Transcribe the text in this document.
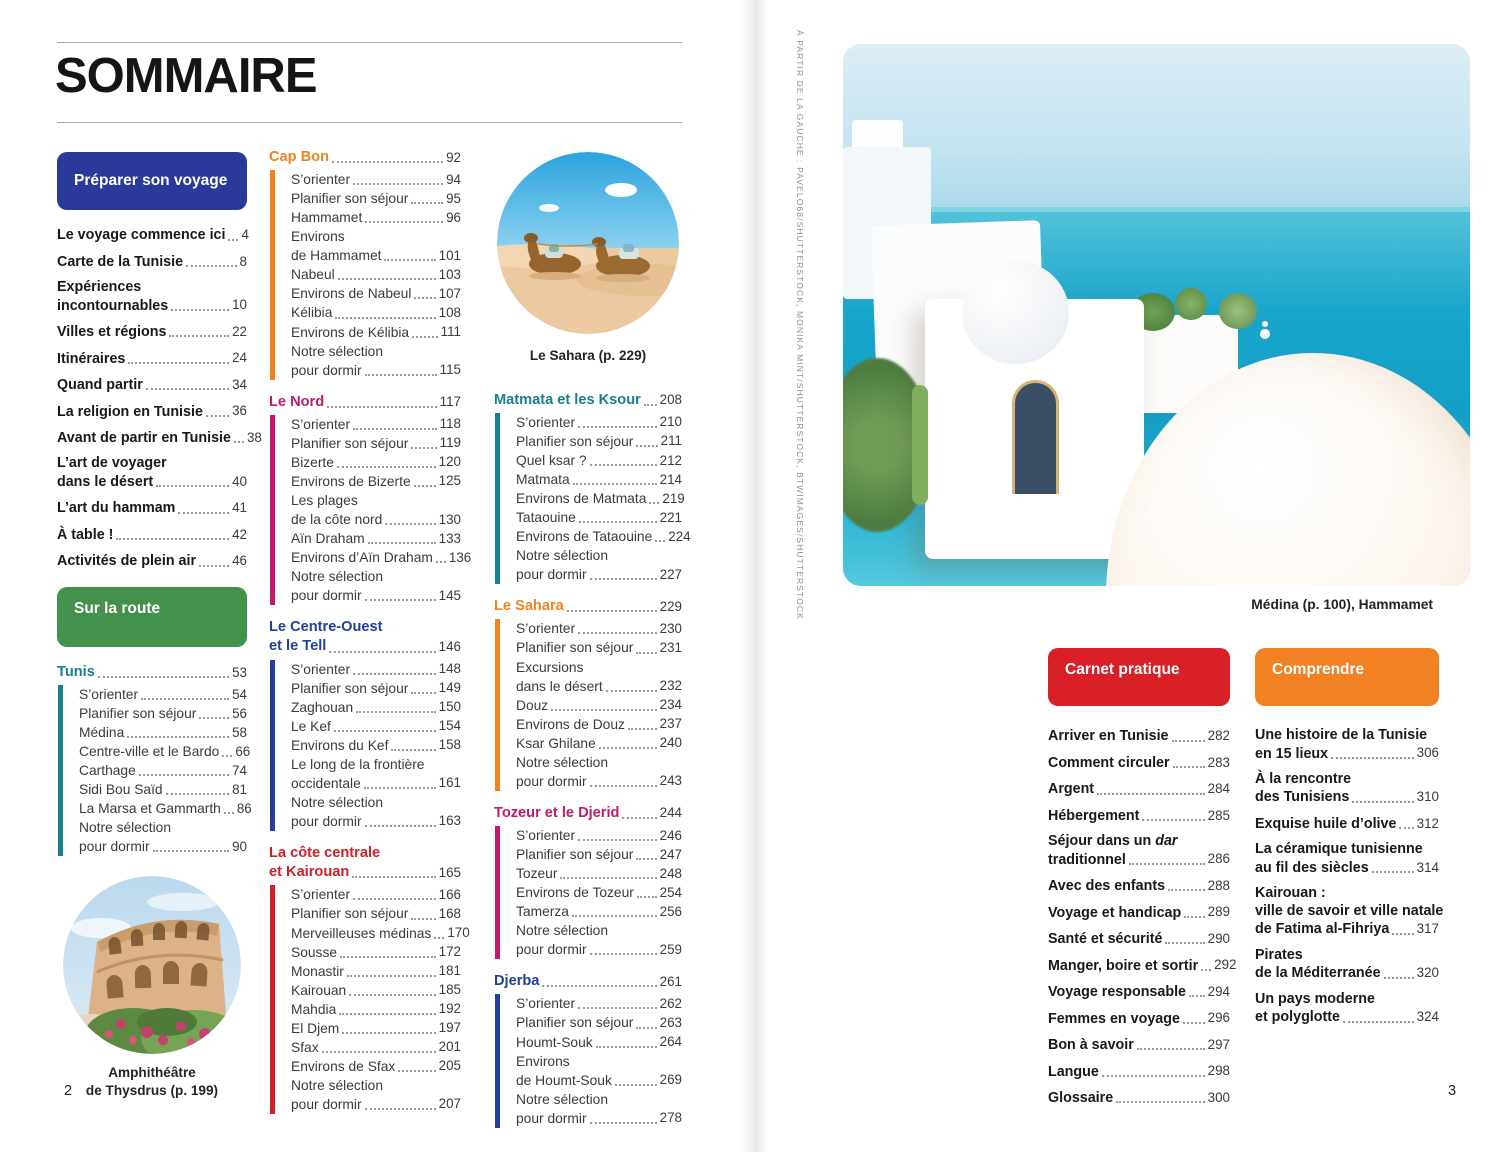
SOMMAIRE
Préparer son voyage
Le voyage commence ici 4
Carte de la Tunisie	8
Expériences
incontournables	10
Villes et régions	22
Itinéraires	24
Quand partir	34
La religion en Tunisie 36
Avant de partir en Tunisie 38
L’art de voyager
dans le désert	40
L’art du hammam	41
À table !	42
Activités de plein air	46
Sur la route
Tunis	53
S’orienter	54
Planifier son séjour	56
Médina	58
Centre-ville et le Bardo 66
Carthage	74
Sidi Bou Saïd	81
La Marsa et Gammarth 86
Notre sélection
pour dormir	90
Amphithéâtre
de Thysdrus (p. 199)
Cap Bon	92
S’orienter	94
Planifier son séjour	95
Hammamet	96
Environs
de Hammamet	101
Nabeul	103
Environs de Nabeul 107
Kélibia	108
Environs de Kélibia 111
Notre sélection
pour dormir	115
Le Nord	117
S’orienter	118
Planifier son séjour 119
Bizerte	120
Environs de Bizerte 125
Les plages
de la côte nord	130
Aïn Draham	133
Environs d’Aïn Draham 136
Notre sélection
pour dormir	145
Le Centre-Ouest
et le Tell	146
S’orienter	148
Planifier son séjour 149
Zaghouan	150
Le Kef	154
Environs du Kef	158
Le long de la frontière
occidentale	161
Notre sélection
pour dormir	163
La côte centrale
et Kairouan	165
S’orienter	166
Planifier son séjour 168
Merveilleuses médinas 170
Sousse	172
Monastir	181
Kairouan	185
Mahdia	192
El Djem	197
Sfax	201
Environs de Sfax	205
Notre sélection
pour dormir	207
Le Sahara (p. 229)
Matmata et les Ksour 208
S’orienter	210
Planifier son séjour 211
Quel ksar ?	212
Matmata	214
Environs de Matmata 219
Tataouine	221
Environs de Tataouine 224
Notre sélection
pour dormir	227
Le Sahara	229
S’orienter	230
Planifier son séjour 231
Excursions
dans le désert	232
Douz	234
Environs de Douz	237
Ksar Ghilane	240
Notre sélection
pour dormir	243
Tozeur et le Djerid	244
S’orienter	246
Planifier son séjour 247
Tozeur	248
Environs de Tozeur 254
Tamerza	256
Notre sélection
pour dormir	259
Djerba	261
S’orienter	262
Planifier son séjour 263
Houmt-Souk	264
Environs
de Houmt-Souk	269
Notre sélection
pour dormir	278
2
À PARTIR DE LA GAUCHE : PAVELO68/SHUTTERSTOCK, MONIKA MINT/SHUTTERSTOCK, BTWIMAGES/SHUTTERSTOCK	Médina (p. 100), Hammamet
Carnet pratique
Arriver en Tunisie	282
Comment circuler	283
Argent	284
Hébergement	285
Séjour dans un dar
traditionnel	286
Avec des enfants	288
Voyage et handicap 289
Santé et sécurité	290
Manger, boire et sortir 292
Voyage responsable 294
Femmes en voyage 296
Bon à savoir	297
Langue	298
Glossaire	300
Comprendre
Une histoire de la Tunisie
en 15 lieux	306
À la rencontre
des Tunisiens	310
Exquise huile d’olive 312
La céramique tunisienne
au fil des siècles	314
Kairouan :
ville de savoir et ville natale
de Fatima al-Fihriya 317
Pirates
de la Méditerranée	320
Un pays moderne
et polyglotte	324
3
